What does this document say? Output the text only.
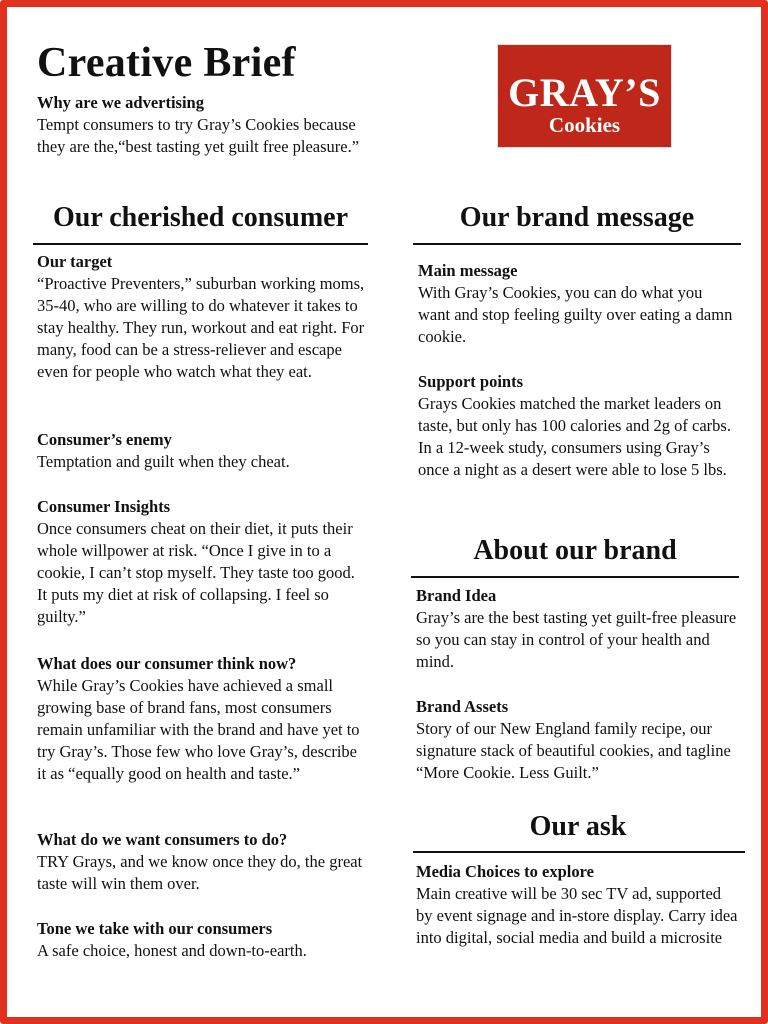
Creative Brief
GRAY’S
Cookies
Why are we advertising
Tempt consumers to try Gray’s Cookies because they are the,“best tasting yet guilt free pleasure.”
Our cherished consumer
Our target
“Proactive Preventers,” suburban working moms, 35-40, who are willing to do whatever it takes to stay healthy. They run, workout and eat right. For many, food can be a stress-reliever and escape even for people who watch what they eat.
Consumer’s enemy
Temptation and guilt when they cheat.
Consumer Insights
Once consumers cheat on their diet, it puts their whole willpower at risk. “Once I give in to a cookie, I can’t stop myself. They taste too good. It puts my diet at risk of collapsing. I feel so guilty.”
What does our consumer think now?
While Gray’s Cookies have achieved a small growing base of brand fans, most consumers remain unfamiliar with the brand and have yet to try Gray’s. Those few who love Gray’s, describe it as “equally good on health and taste.”
What do we want consumers to do?
TRY Grays, and we know once they do, the great taste will win them over.
Tone we take with our consumers
A safe choice, honest and down-to-earth.
Our brand message
Main message
With Gray’s Cookies, you can do what you want and stop feeling guilty over eating a damn cookie.
Support points
Grays Cookies matched the market leaders on taste, but only has 100 calories and 2g of carbs. In a 12-week study, consumers using Gray’s once a night as a desert were able to lose 5 lbs.
About our brand
Brand Idea
Gray’s are the best tasting yet guilt-free pleasure so you can stay in control of your health and mind.
Brand Assets
Story of our New England family recipe, our signature stack of beautiful cookies, and tagline “More Cookie. Less Guilt.”
Our ask
Media Choices to explore
Main creative will be 30 sec TV ad, supported by event signage and in-store display. Carry idea into digital, social media and build a microsite
